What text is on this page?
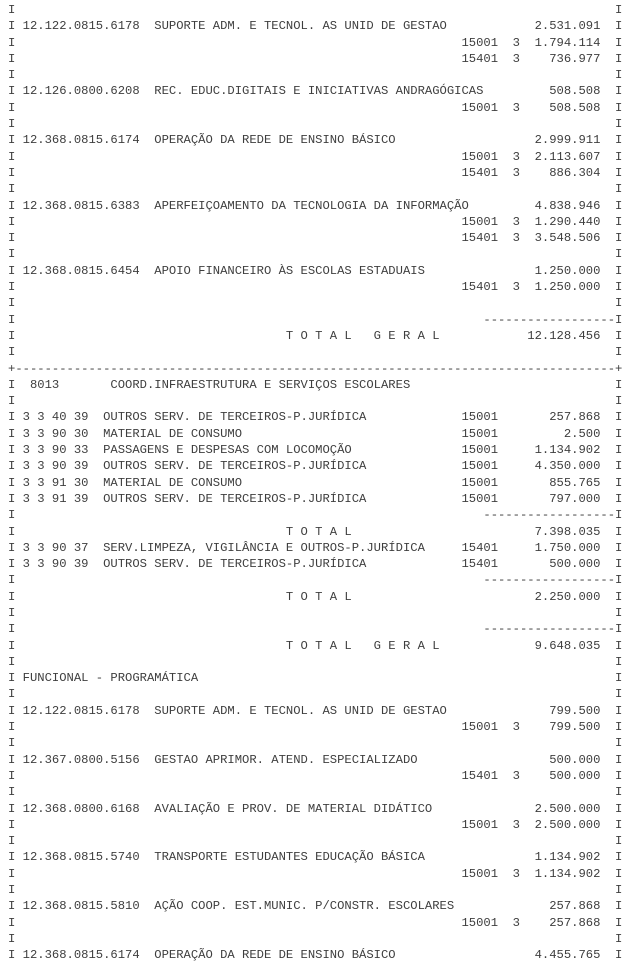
I                                                                                  I
I 12.122.0815.6178  SUPORTE ADM. E TECNOL. AS UNID DE GESTAO            2.531.091  I
I                                                             15001  3  1.794.114  I
I                                                             15401  3    736.977  I
I                                                                                  I
I 12.126.0800.6208  REC. EDUC.DIGITAIS E INICIATIVAS ANDRAGÓGICAS         508.508  I
I                                                             15001  3    508.508  I
I                                                                                  I
I 12.368.0815.6174  OPERAÇÃO DA REDE DE ENSINO BÁSICO                   2.999.911  I
I                                                             15001  3  2.113.607  I
I                                                             15401  3    886.304  I
I                                                                                  I
I 12.368.0815.6383  APERFEIÇOAMENTO DA TECNOLOGIA DA INFORMAÇÃO         4.838.946  I
I                                                             15001  3  1.290.440  I
I                                                             15401  3  3.548.506  I
I                                                                                  I
I 12.368.0815.6454  APOIO FINANCEIRO ÀS ESCOLAS ESTADUAIS               1.250.000  I
I                                                             15401  3  1.250.000  I
I                                                                                  I
I                                                                ------------------I
I                                     T O T A L   G E R A L            12.128.456  I
I                                                                                  I
+----------------------------------------------------------------------------------+
I  8013       COORD.INFRAESTRUTURA E SERVIÇOS ESCOLARES                            I
I                                                                                  I
I 3 3 40 39  OUTROS SERV. DE TERCEIROS-P.JURÍDICA             15001       257.868  I
I 3 3 90 30  MATERIAL DE CONSUMO                              15001         2.500  I
I 3 3 90 33  PASSAGENS E DESPESAS COM LOCOMOÇÃO               15001     1.134.902  I
I 3 3 90 39  OUTROS SERV. DE TERCEIROS-P.JURÍDICA             15001     4.350.000  I
I 3 3 91 30  MATERIAL DE CONSUMO                              15001       855.765  I
I 3 3 91 39  OUTROS SERV. DE TERCEIROS-P.JURÍDICA             15001       797.000  I
I                                                                ------------------I
I                                     T O T A L                         7.398.035  I
I 3 3 90 37  SERV.LIMPEZA, VIGILÂNCIA E OUTROS-P.JURÍDICA     15401     1.750.000  I
I 3 3 90 39  OUTROS SERV. DE TERCEIROS-P.JURÍDICA             15401       500.000  I
I                                                                ------------------I
I                                     T O T A L                         2.250.000  I
I                                                                                  I
I                                                                ------------------I
I                                     T O T A L   G E R A L             9.648.035  I
I                                                                                  I
I FUNCIONAL - PROGRAMÁTICA                                                         I
I                                                                                  I
I 12.122.0815.6178  SUPORTE ADM. E TECNOL. AS UNID DE GESTAO              799.500  I
I                                                             15001  3    799.500  I
I                                                                                  I
I 12.367.0800.5156  GESTAO APRIMOR. ATEND. ESPECIALIZADO                  500.000  I
I                                                             15401  3    500.000  I
I                                                                                  I
I 12.368.0800.6168  AVALIAÇÃO E PROV. DE MATERIAL DIDÁTICO              2.500.000  I
I                                                             15001  3  2.500.000  I
I                                                                                  I
I 12.368.0815.5740  TRANSPORTE ESTUDANTES EDUCAÇÃO BÁSICA               1.134.902  I
I                                                             15001  3  1.134.902  I
I                                                                                  I
I 12.368.0815.5810  AÇÃO COOP. EST.MUNIC. P/CONSTR. ESCOLARES             257.868  I
I                                                             15001  3    257.868  I
I                                                                                  I
I 12.368.0815.6174  OPERAÇÃO DA REDE DE ENSINO BÁSICO                   4.455.765  I
